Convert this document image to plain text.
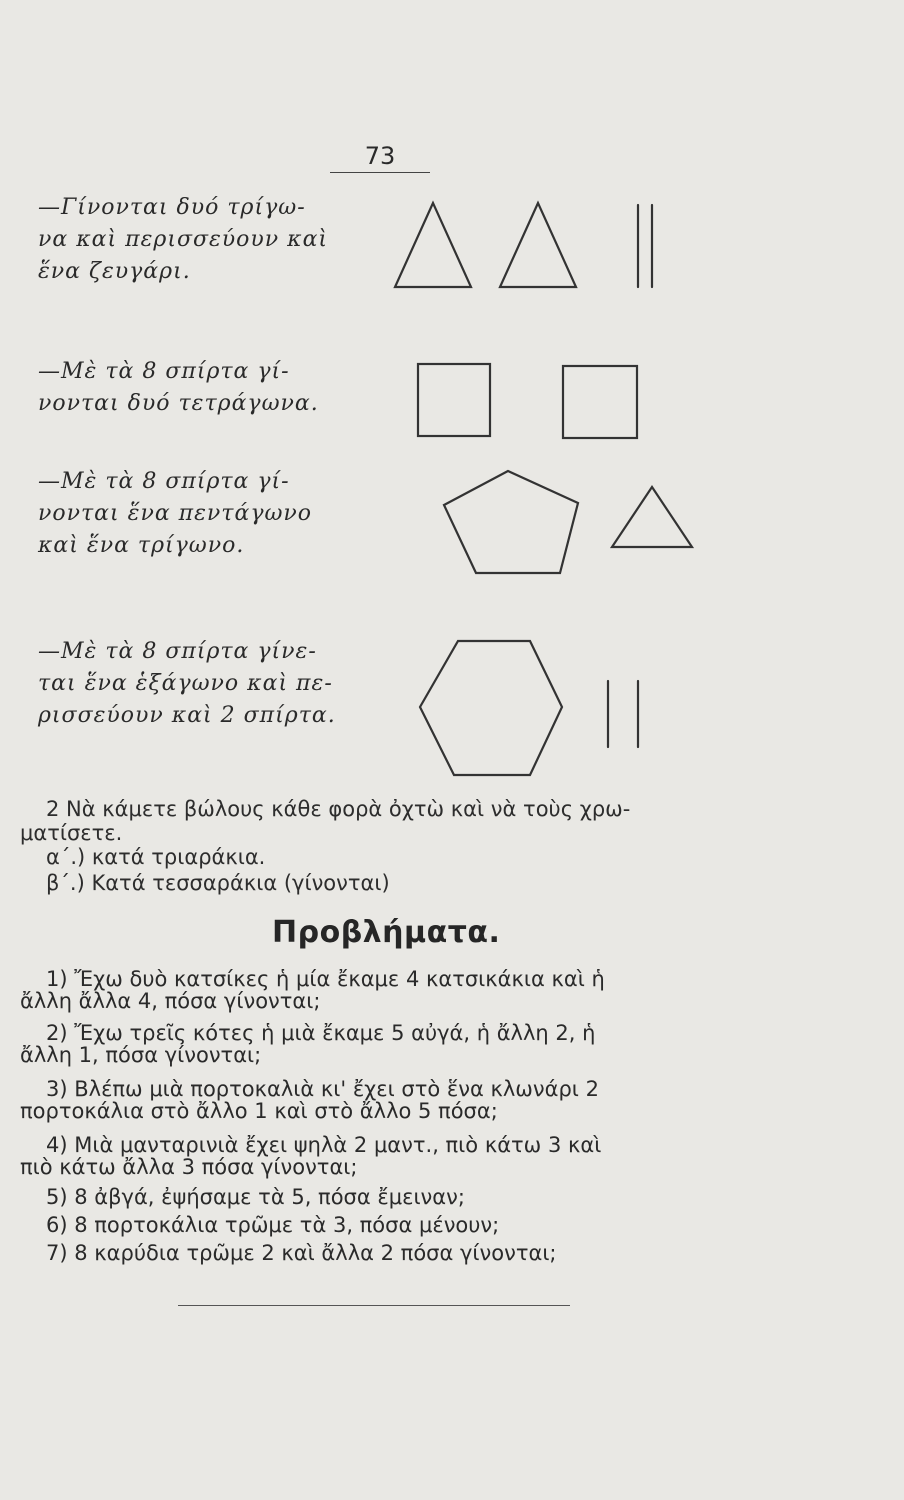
73
—Γίνονται δυό τρίγω-
να καὶ περισσεύουν καὶ
ἕνα ζευγάρι.
—Μὲ τὰ 8 σπίρτα γί-
νονται δυό τετράγωνα.
—Μὲ τὰ 8 σπίρτα γί-
νονται ἕνα πεντάγωνο
καὶ ἕνα τρίγωνο.
—Μὲ τὰ 8 σπίρτα γίνε-
ται ἕνα ἑξάγωνο καὶ πε-
ρισσεύουν καὶ 2 σπίρτα.
2 Νὰ κάμετε βώλους κάθε φορὰ ὀχτὼ καὶ νὰ τοὺς χρω-
ματίσετε.
α΄.) κατά τριαράκια.
β΄.) Κατά τεσσαράκια (γίνονται)
Προβλήματα.
1) Ἔχω δυὸ κατσίκες ἡ μία ἔκαμε 4 κατσικάκια καὶ ἡ
ἄλλη ἄλλα 4, πόσα γίνονται;
2) Ἔχω τρεῖς κότες ἡ μιὰ ἔκαμε 5 αὐγά, ἡ ἄλλη 2, ἡ
ἄλλη 1, πόσα γίνονται;
3) Βλέπω μιὰ πορτοκαλιὰ κι' ἔχει στὸ ἕνα κλωνάρι 2
πορτοκάλια στὸ ἄλλο 1 καὶ στὸ ἄλλο 5 πόσα;
4) Μιὰ μανταρινιὰ ἔχει ψηλὰ 2 μαντ., πιὸ κάτω 3 καὶ
πιὸ κάτω ἄλλα 3 πόσα γίνονται;
5) 8 ἀβγά, ἐψήσαμε τὰ 5, πόσα ἔμειναν;
6) 8 πορτοκάλια τρῶμε τὰ 3, πόσα μένουν;
7) 8 καρύδια τρῶμε 2 καὶ ἄλλα 2 πόσα γίνονται;
